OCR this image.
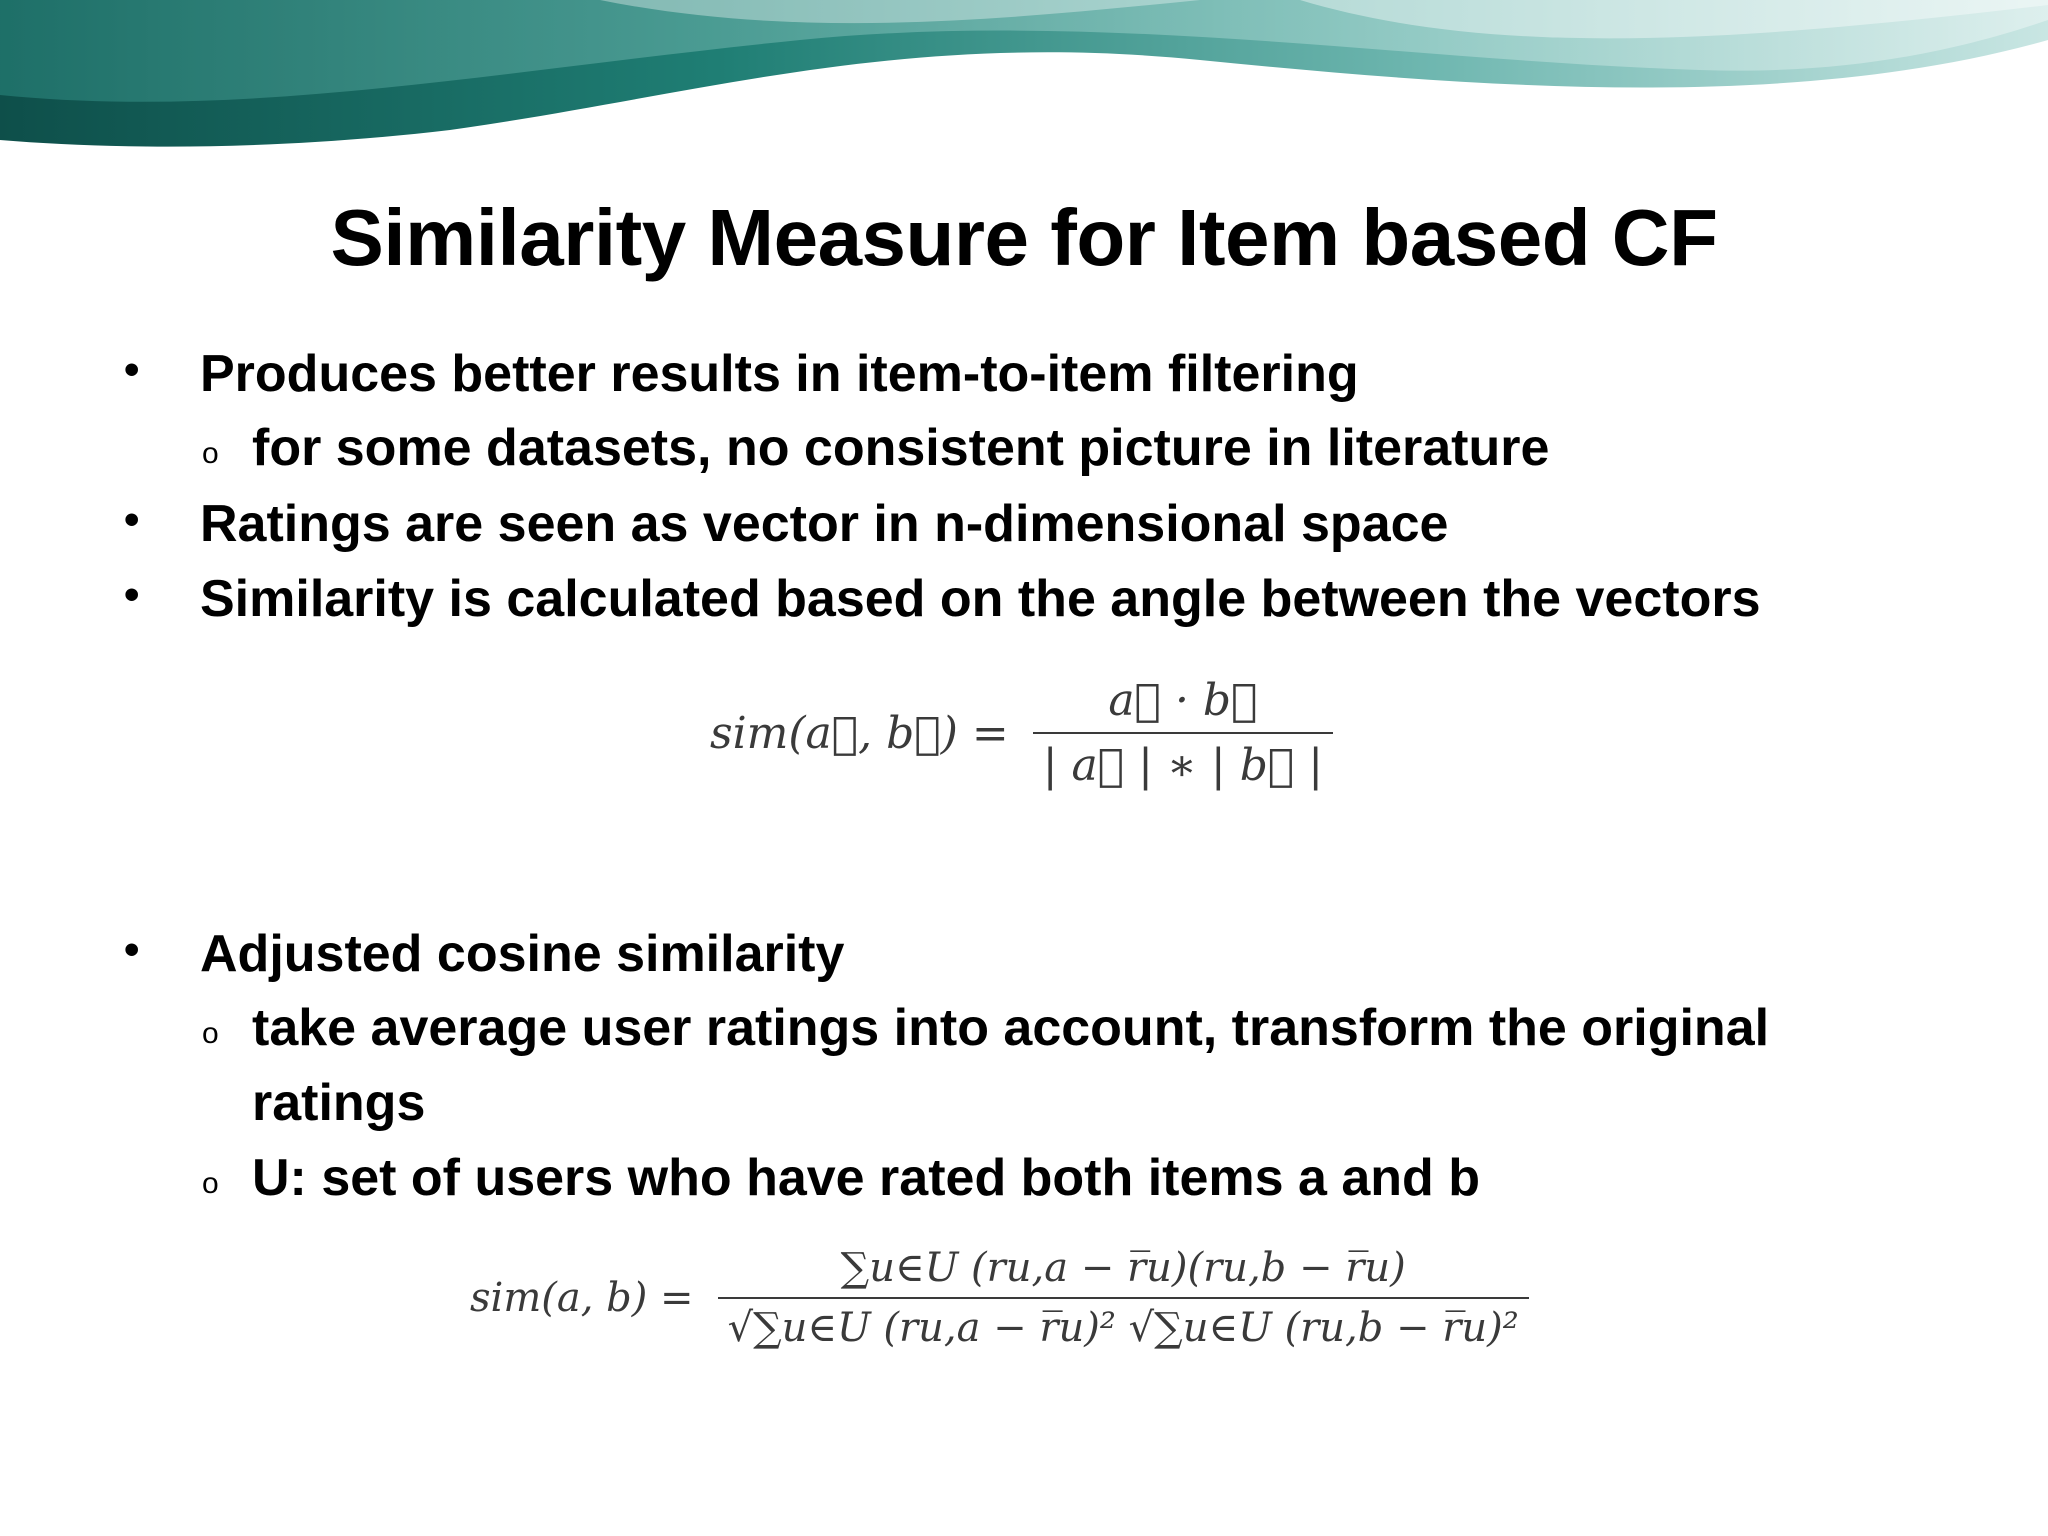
Similarity Measure for Item based CF
• Produces better results in item-to-item filtering
o for some datasets, no consistent picture in literature
• Ratings are seen as vector in n-dimensional space
• Similarity is calculated based on the angle between the vectors
sim(a⃗, b⃗) = $\frac{a⃗ \cdot b⃗}{| a⃗ | ∗ | b⃗ |}$
• Adjusted cosine similarity
o take average user ratings into account, transform the original
ratings
o U: set of users who have rated both items a and b
sim(a, $b) = \frac{\sum u\in U (ru,a - r̅u)(ru,b - r̅u)}{\text{√∑u∈U (ru,a − r̅u)² √∑u∈U (ru,b − r̅u)²}}$
